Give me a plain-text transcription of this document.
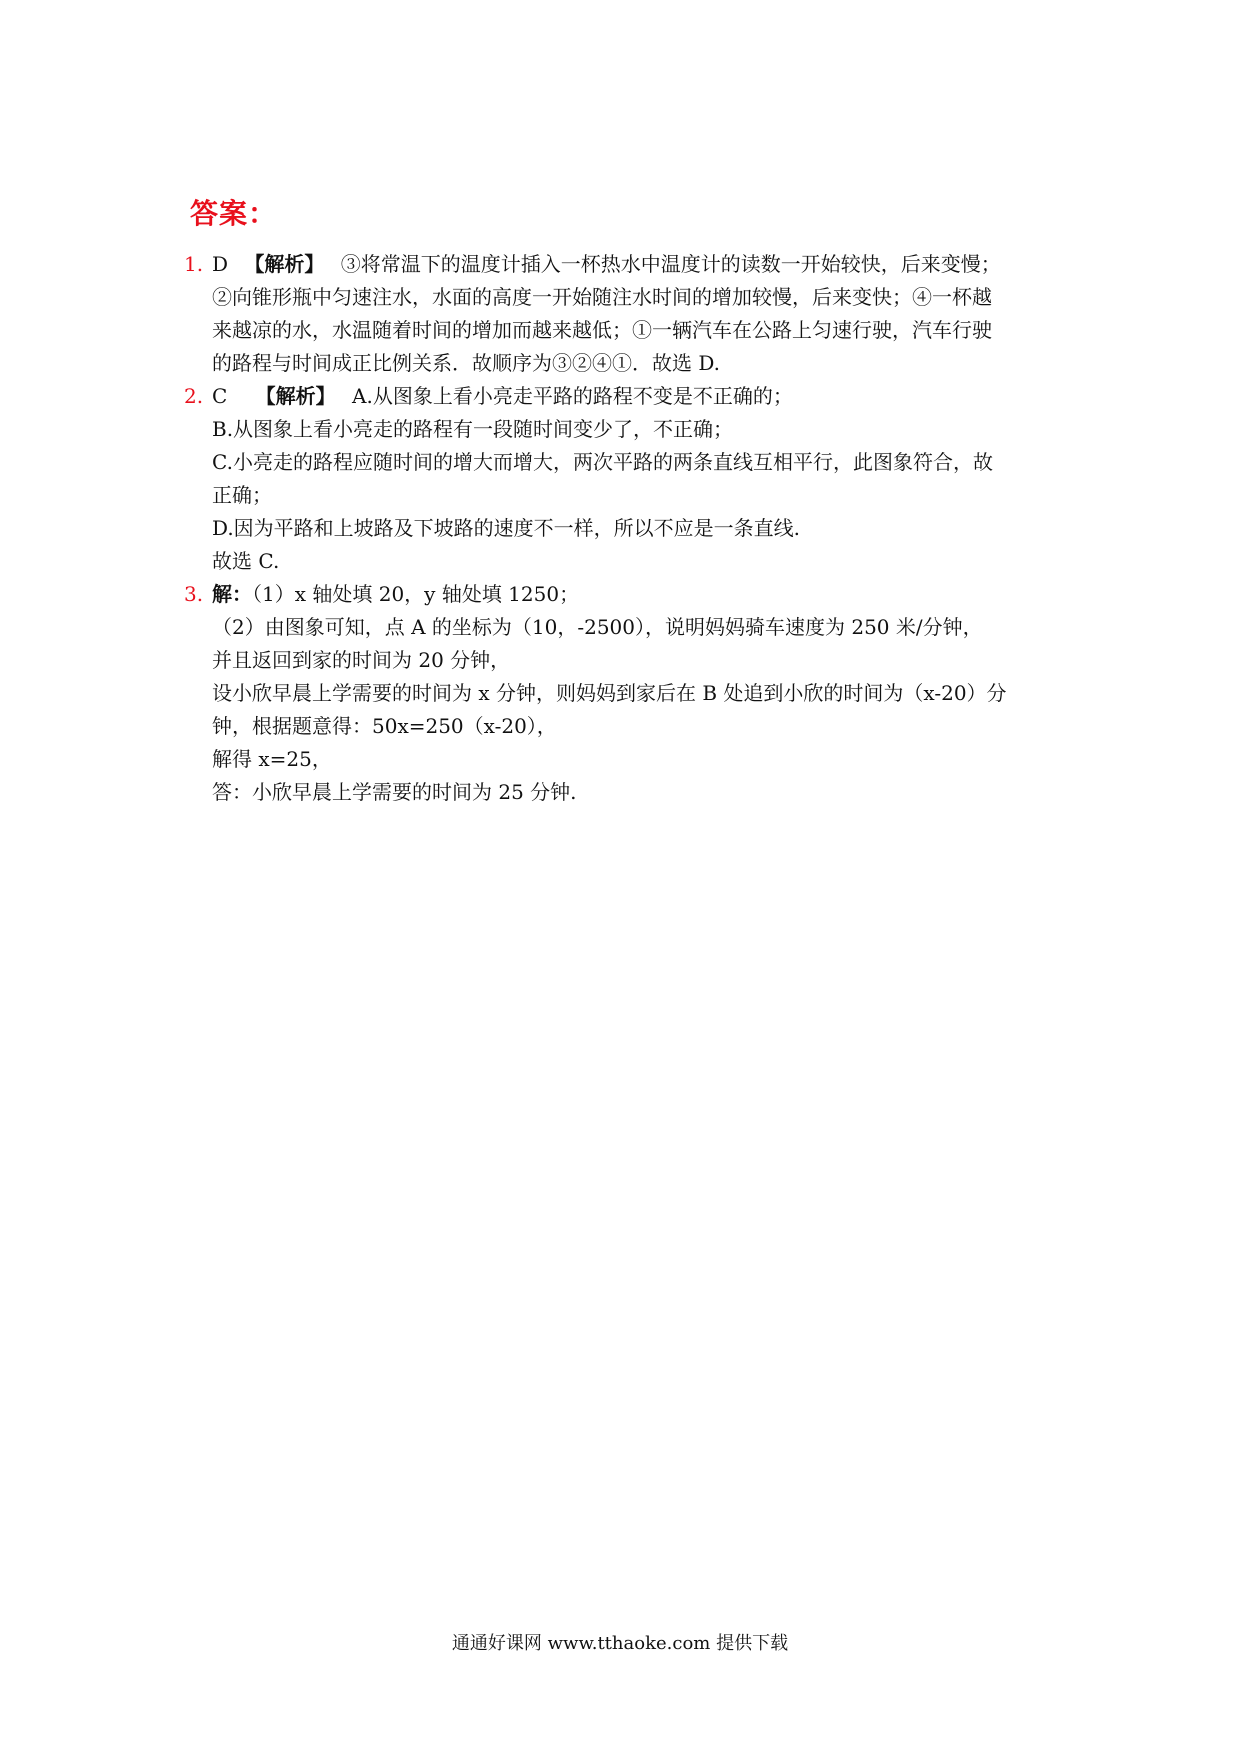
答案：
1. D 【解析】 ③将常温下的温度计插入一杯热水中温度计的读数一开始较快，后来变慢；

②向锥形瓶中匀速注水，水面的高度一开始随注水时间的增加较慢，后来变快；④一杯越

来越凉的水，水温随着时间的增加而越来越低；①一辆汽车在公路上匀速行驶，汽车行驶

的路程与时间成正比例关系．故顺序为③②④①．故选 D.

2. C 【解析】 A.从图象上看小亮走平路的路程不变是不正确的；

B.从图象上看小亮走的路程有一段随时间变少了，不正确；

C.小亮走的路程应随时间的增大而增大，两次平路的两条直线互相平行，此图象符合，故

正确；

D.因为平路和上坡路及下坡路的速度不一样，所以不应是一条直线.

故选 C.

3. 解：（1）x 轴处填 20，y 轴处填 1250；

（2）由图象可知，点 A 的坐标为（10，-2500），说明妈妈骑车速度为 250 米/分钟，

并且返回到家的时间为 20 分钟，

设小欣早晨上学需要的时间为 x 分钟，则妈妈到家后在 B 处追到小欣的时间为（x-20）分

钟，根据题意得：50x=250（x-20），

解得 x=25，

答：小欣早晨上学需要的时间为 25 分钟.

通通好课网 www.tthaoke.com 提供下载
